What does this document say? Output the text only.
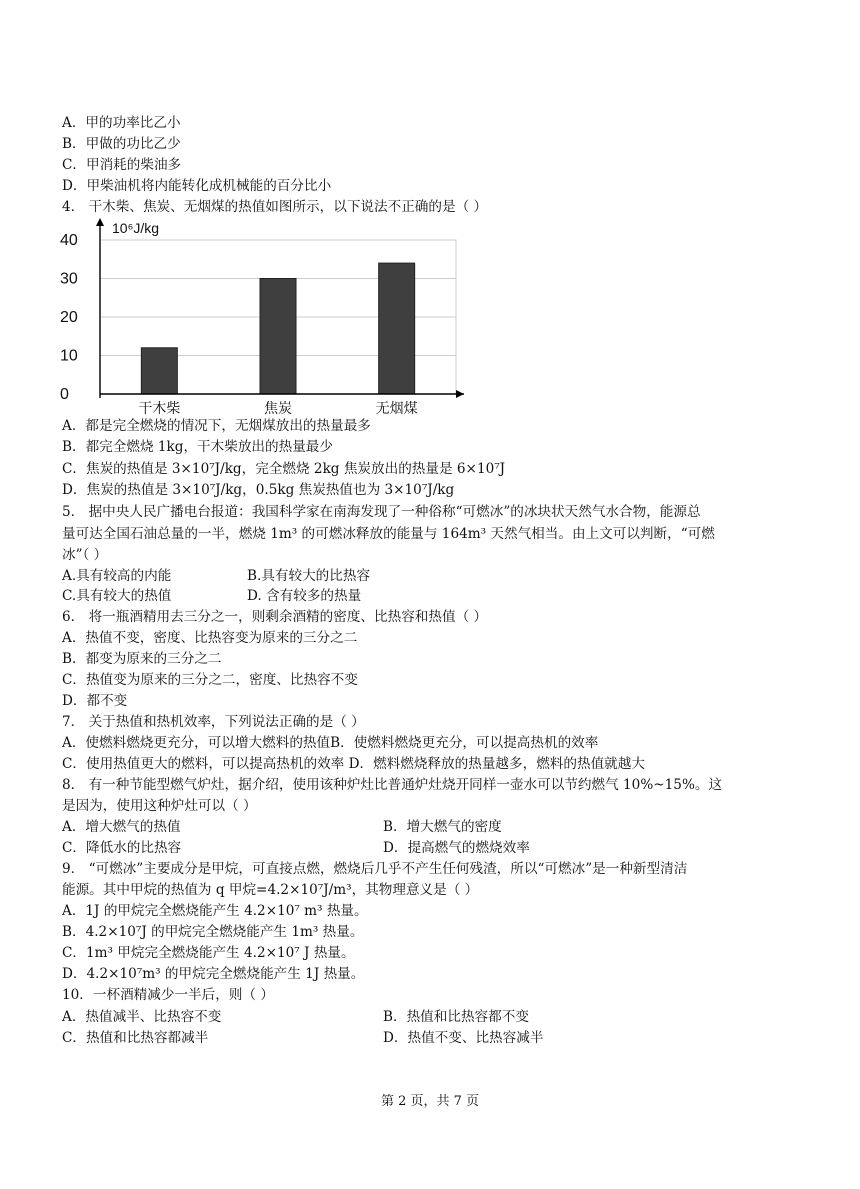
A．甲的功率比乙小
B．甲做的功比乙少
C．甲消耗的柴油多
D．甲柴油机将内能转化成机械能的百分比小
4． 干木柴、焦炭、无烟煤的热值如图所示，以下说法不正确的是（ ）
0
10
20
30
40
干木柴	焦炭	无烟煤
10⁶J/kg
A．都是完全燃烧的情况下，无烟煤放出的热量最多
B．都完全燃烧 1kg，干木柴放出的热量最少
C．焦炭的热值是 3×10⁷J/kg，完全燃烧 2kg 焦炭放出的热量是 6×10⁷J
D．焦炭的热值是 3×10⁷J/kg，0.5kg 焦炭热值也为 3×10⁷J/kg
5． 据中央人民广播电台报道：我国科学家在南海发现了一种俗称“可燃冰”的冰块状天然气水合物，能源总
量可达全国石油总量的一半，燃烧 1m³ 的可燃冰释放的能量与 164m³ 天然气相当。由上文可以判断，“可燃
冰”（ ）
A.具有较高的内能	B.具有较大的比热容
C.具有较大的热值	D. 含有较多的热量
6． 将一瓶酒精用去三分之一，则剩余酒精的密度、比热容和热值（ ）
A．热值不变，密度、比热容变为原来的三分之二
B．都变为原来的三分之二
C．热值变为原来的三分之二，密度、比热容不变
D．都不变
7． 关于热值和热机效率，下列说法正确的是（ ）
A．使燃料燃烧更充分，可以增大燃料的热值B．使燃料燃烧更充分，可以提高热机的效率
C．使用热值更大的燃料，可以提高热机的效率 D．燃料燃烧释放的热量越多，燃料的热值就越大
8． 有一种节能型燃气炉灶，据介绍，使用该种炉灶比普通炉灶烧开同样一壶水可以节约燃气 10%~15%。这
是因为，使用这种炉灶可以（ ）
A．增大燃气的热值	B．增大燃气的密度
C．降低水的比热容	D．提高燃气的燃烧效率
9． “可燃冰”主要成分是甲烷，可直接点燃，燃烧后几乎不产生任何残渣，所以“可燃冰”是一种新型清洁
能源。其中甲烷的热值为 q 甲烷=4.2×10⁷J/m³，其物理意义是（ ）
A．1J 的甲烷完全燃烧能产生 4.2×10⁷ m³ 热量。
B．4.2×10⁷J 的甲烷完全燃烧能产生 1m³ 热量。
C．1m³ 甲烷完全燃烧能产生 4.2×10⁷ J 热量。
D．4.2×10⁷m³ 的甲烷完全燃烧能产生 1J 热量。
10．一杯酒精减少一半后，则（ ）
A．热值减半、比热容不变	B．热值和比热容都不变
C．热值和比热容都减半	D．热值不变、比热容减半
第 2 页，共 7 页
